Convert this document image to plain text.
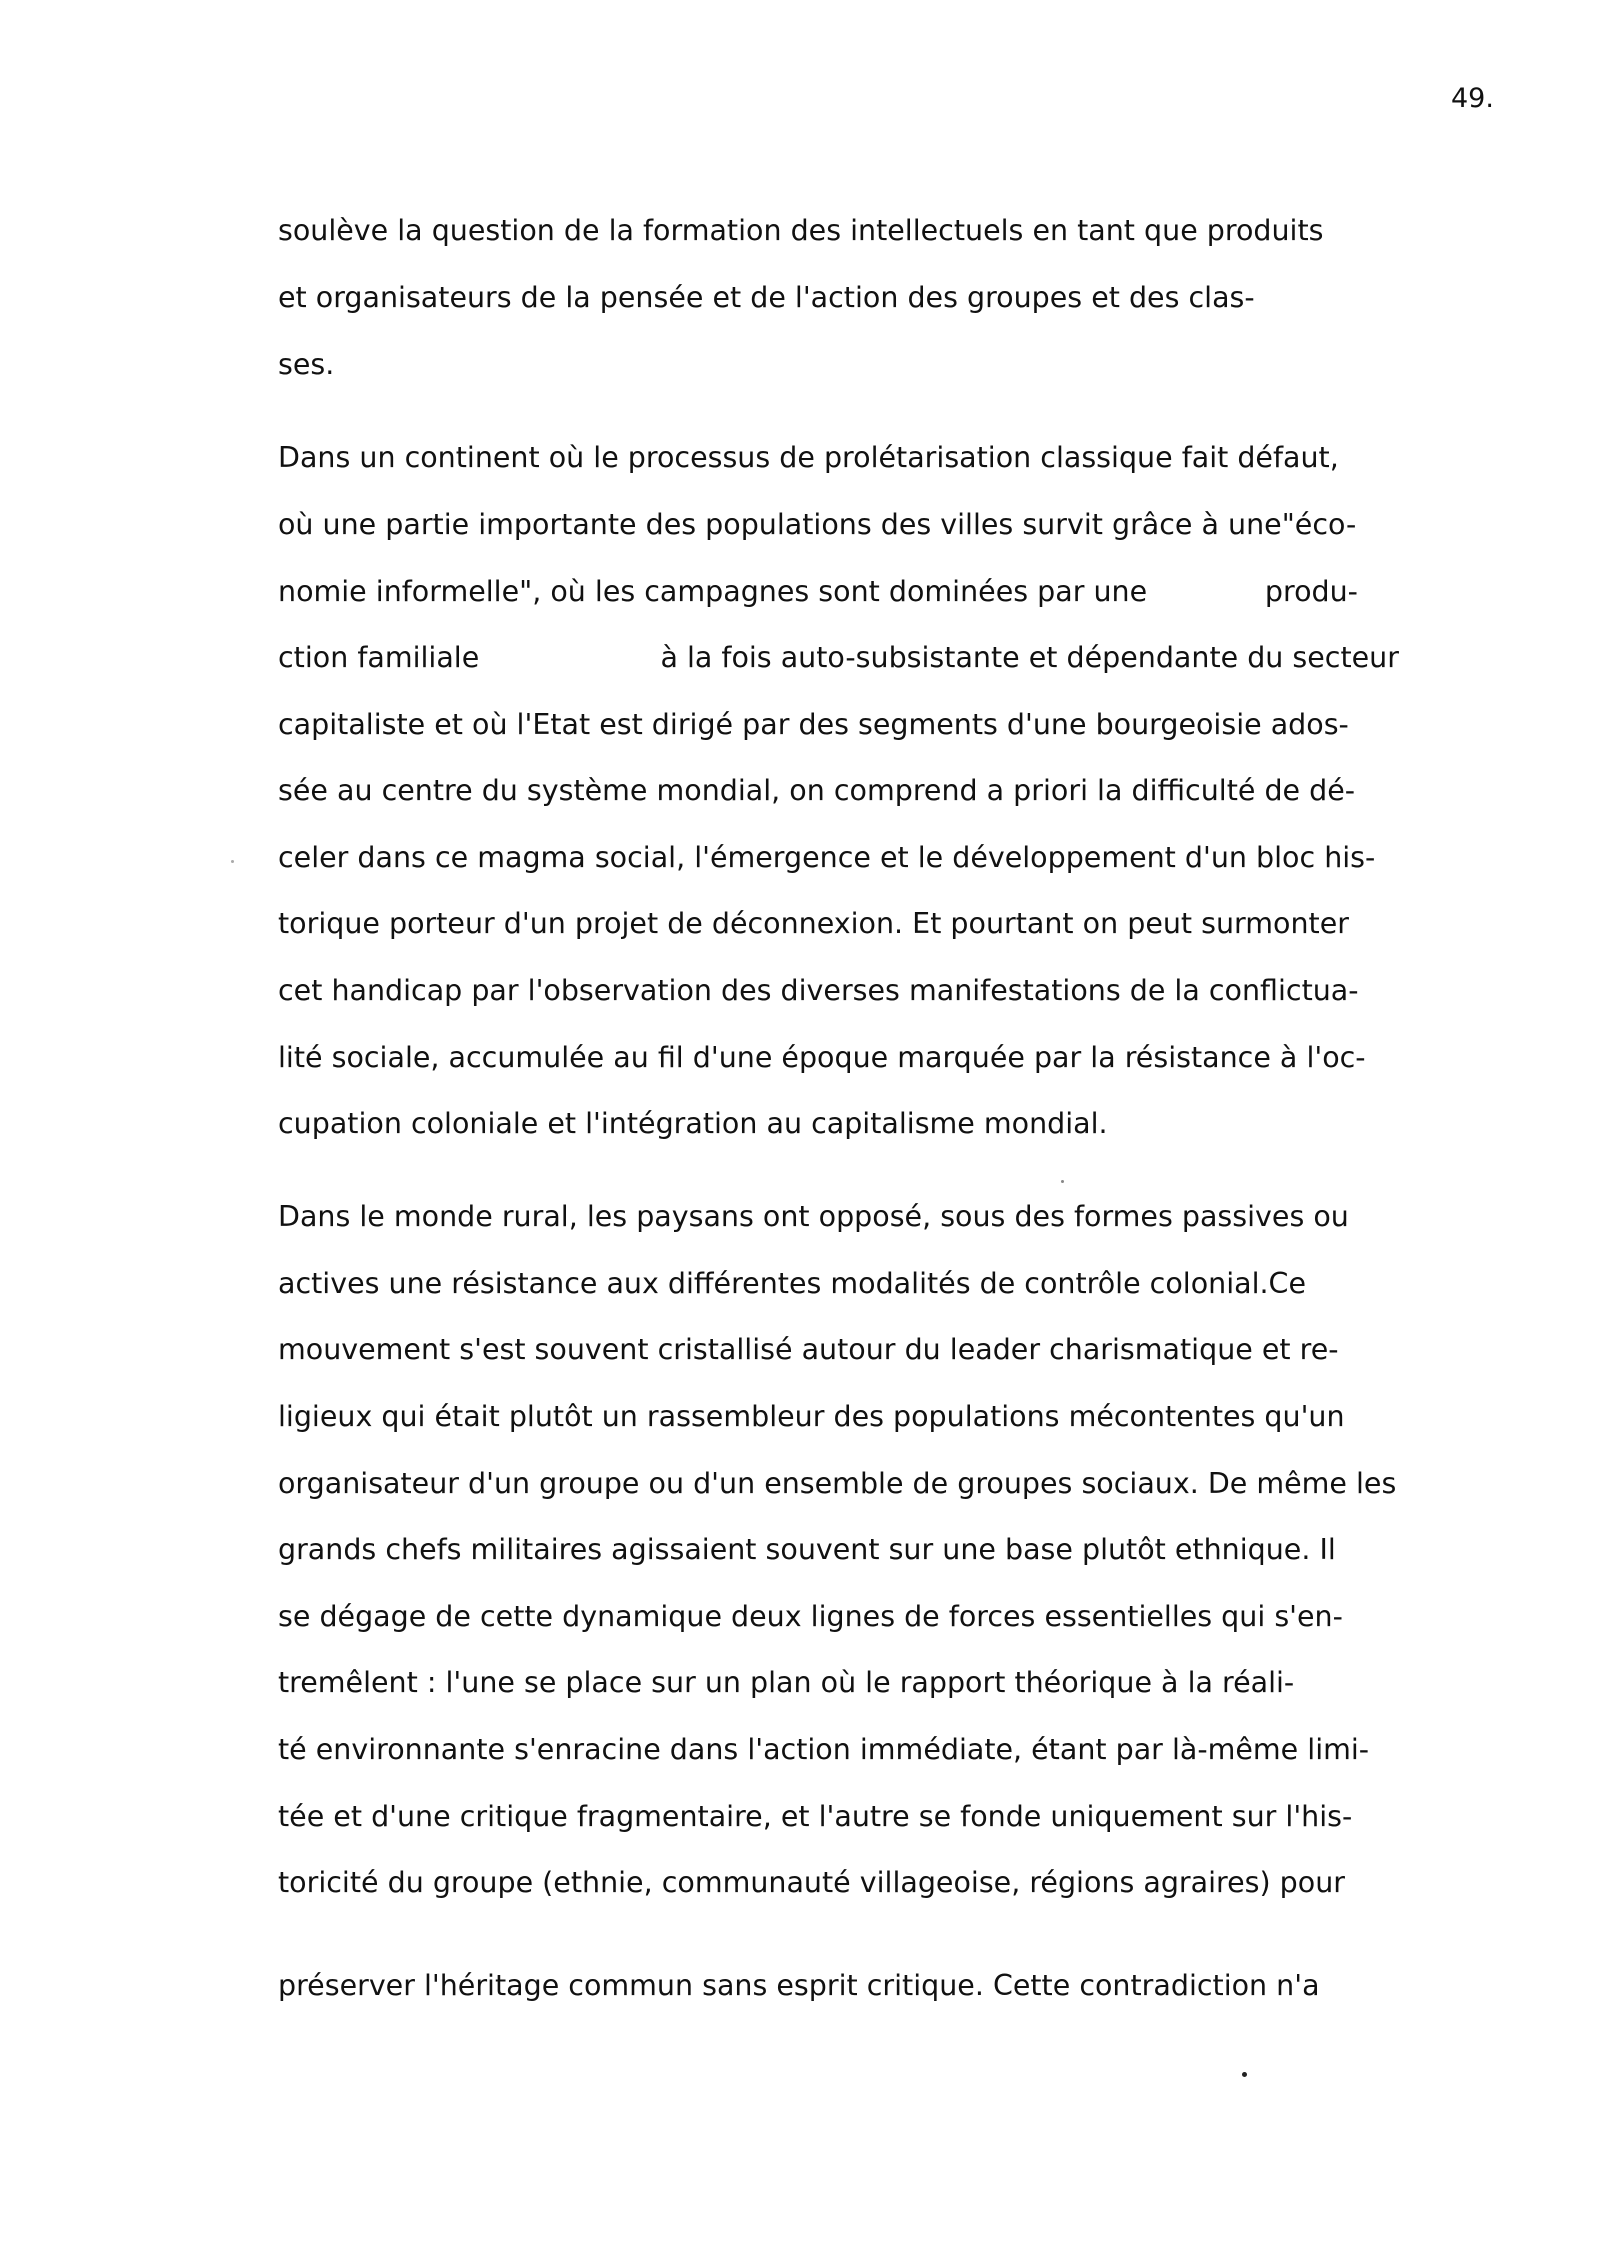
49.
soulève la question de la formation des intellectuels en tant que produits
et organisateurs de la pensée et de l'action des groupes et des clas-
ses.
Dans un continent où le processus de prolétarisation classique fait défaut,
où une partie importante des populations des villes survit grâce à une"éco-
nomie informelle", où les campagnes sont dominées par une             produ-
ction familiale                    à la fois auto-subsistante et dépendante du secteur
capitaliste et où l'Etat est dirigé par des segments d'une bourgeoisie ados-
sée au centre du système mondial, on comprend a priori la difficulté de dé-
celer dans ce magma social, l'émergence et le développement d'un bloc his-
torique porteur d'un projet de déconnexion. Et pourtant on peut surmonter
cet handicap par l'observation des diverses manifestations de la conflictua-
lité sociale, accumulée au fil d'une époque marquée par la résistance à l'oc-
cupation coloniale et l'intégration au capitalisme mondial.
Dans le monde rural, les paysans ont opposé, sous des formes passives ou
actives une résistance aux différentes modalités de contrôle colonial.Ce
mouvement s'est souvent cristallisé autour du leader charismatique et re-
ligieux qui était plutôt un rassembleur des populations mécontentes qu'un
organisateur d'un groupe ou d'un ensemble de groupes sociaux. De même les
grands chefs militaires agissaient souvent sur une base plutôt ethnique. Il
se dégage de cette dynamique deux lignes de forces essentielles qui s'en-
tremêlent : l'une se place sur un plan où le rapport théorique à la réali-
té environnante s'enracine dans l'action immédiate, étant par là-même limi-
tée et d'une critique fragmentaire, et l'autre se fonde uniquement sur l'his-
toricité du groupe (ethnie, communauté villageoise, régions agraires) pour
préserver l'héritage commun sans esprit critique. Cette contradiction n'a
